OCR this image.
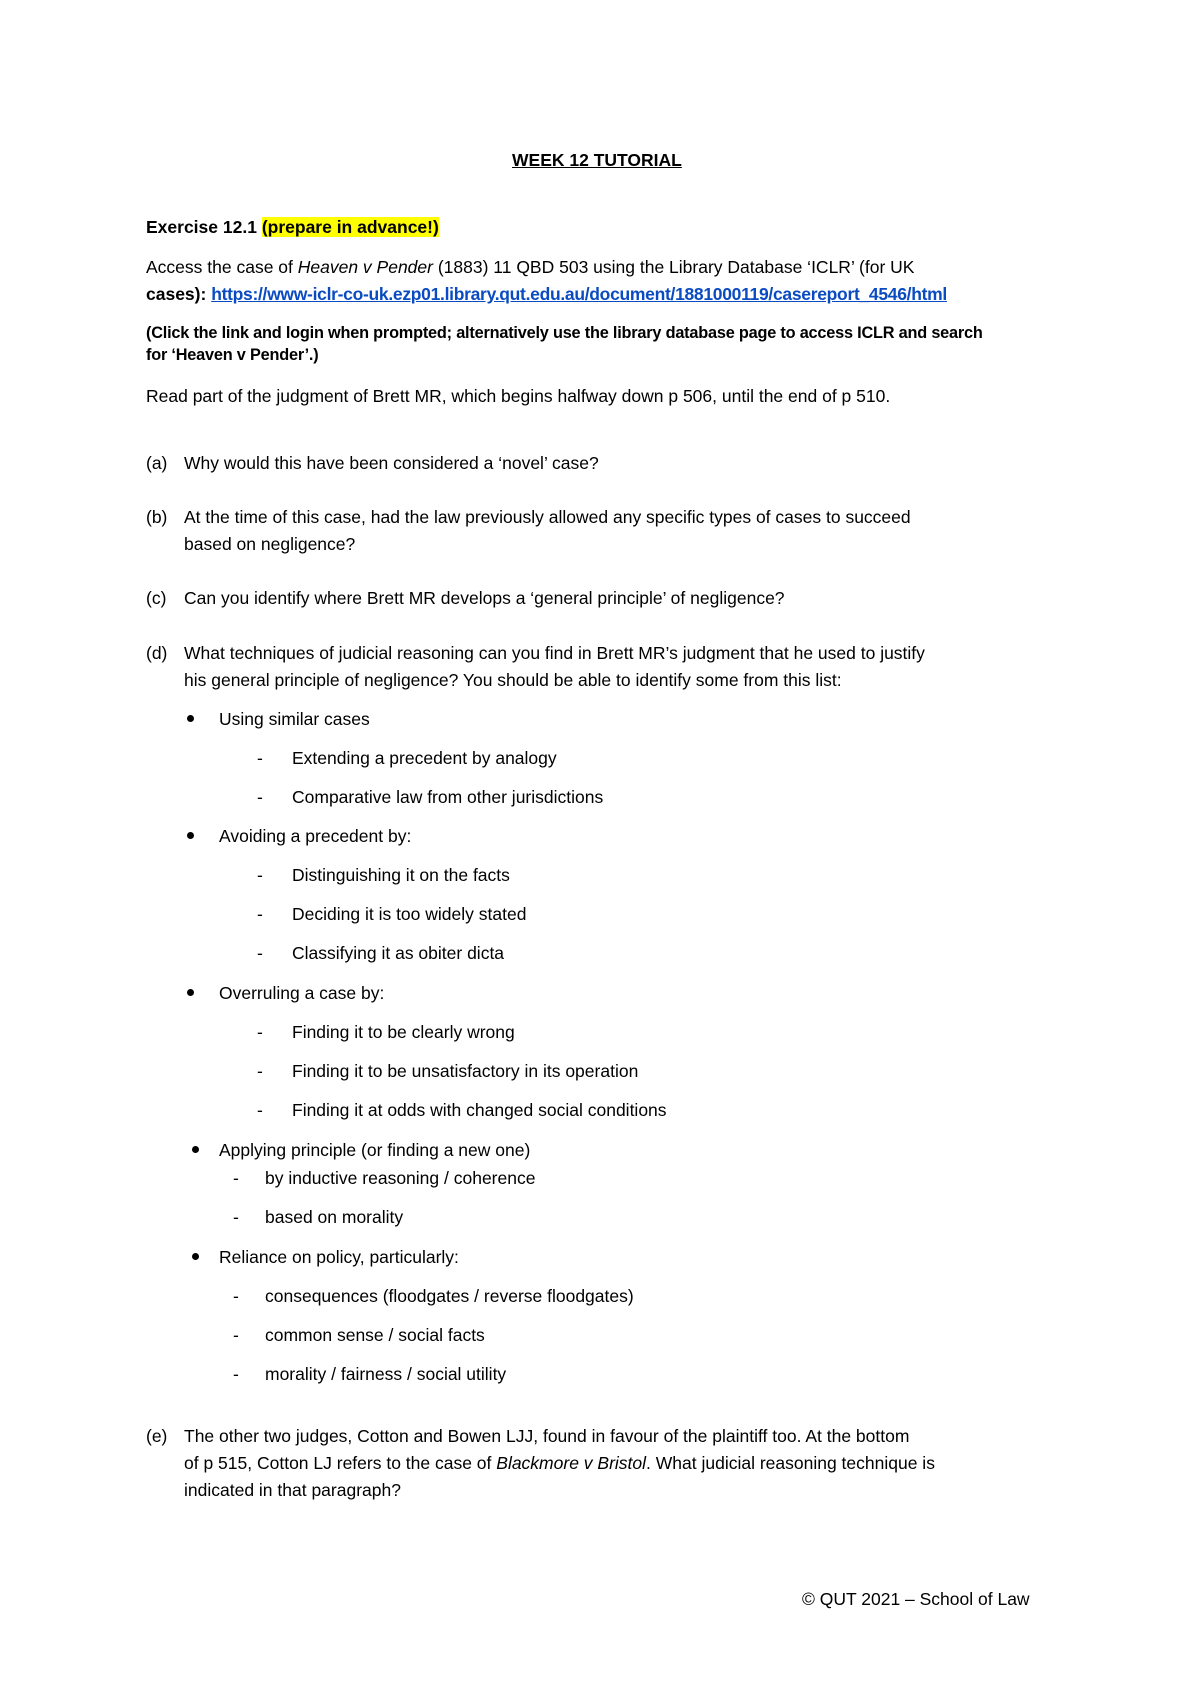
WEEK 12 TUTORIAL
Exercise 12.1 (prepare in advance!)
Access the case of Heaven v Pender (1883) 11 QBD 503 using the Library Database ‘ICLR’ (for UK
cases): https://www-iclr-co-uk.ezp01.library.qut.edu.au/document/1881000119/casereport_4546/html
(Click the link and login when prompted; alternatively use the library database page to access ICLR and search
for ‘Heaven v Pender’.)
Read part of the judgment of Brett MR, which begins halfway down p 506, until the end of p 510.
(a) Why would this have been considered a ‘novel’ case?
(b) At the time of this case, had the law previously allowed any specific types of cases to succeed
based on negligence?
(c)	Can you identify where Brett MR develops a ‘general principle’ of negligence?
(d) What techniques of judicial reasoning can you find in Brett MR’s judgment that he used to justify
his general principle of negligence? You should be able to identify some from this list:
Using similar cases
- Extending a precedent by analogy
- Comparative law from other jurisdictions
Avoiding a precedent by:
- Distinguishing it on the facts
- Deciding it is too widely stated
- Classifying it as obiter dicta
Overruling a case by:
- Finding it to be clearly wrong
- Finding it to be unsatisfactory in its operation
- Finding it at odds with changed social conditions
Applying principle (or finding a new one)
- by inductive reasoning / coherence
- based on morality
Reliance on policy, particularly:
- consequences (floodgates / reverse floodgates)
- common sense / social facts
- morality / fairness / social utility
(e) The other two judges, Cotton and Bowen LJJ, found in favour of the plaintiff too. At the bottom
of p 515, Cotton LJ refers to the case of Blackmore v Bristol. What judicial reasoning technique is
indicated in that paragraph?
© QUT 2021 – School of Law
